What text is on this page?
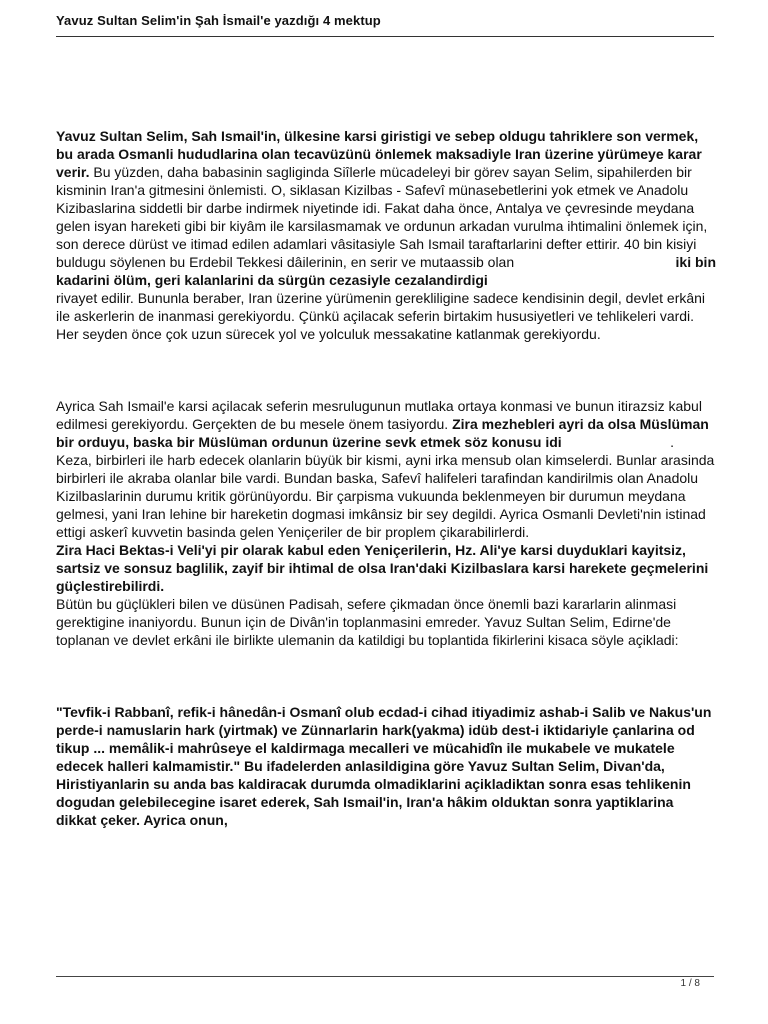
Yavuz Sultan Selim'in Şah İsmail'e yazdığı 4 mektup

Yavuz Sultan Selim, Sah Ismail'in, ülkesine karsi giristigi ve sebep oldugu tahriklere son vermek, bu arada Osmanli hududlarina olan tecavüzünü önlemek maksadiyle Iran üzerine yürümeye karar verir. Bu yüzden, daha babasinin sagliginda Siîlerle mücadeleyi bir görev sayan Selim, sipahilerden bir kisminin Iran'a gitmesini önlemisti. O, siklasan Kizilbas - Safevî münasebetlerini yok etmek ve Anadolu Kizibaslarina siddetli bir darbe indirmek niyetinde idi. Fakat daha önce, Antalya ve çevresinde meydana gelen isyan hareketi gibi bir kiyâm ile karsilasmamak ve ordunun arkadan vurulma ihtimalini önlemek için, son derece dürüst ve itimad edilen adamlari vâsitasiyle Sah Ismail taraftarlarini defter ettirir. 40 bin kisiyi buldugu söylenen bu Erdebil Tekkesi dâilerinin, en serir ve mutaassib olan	iki bin

kadarini ölüm, geri kalanlarini da sürgün cezasiyle cezalandirdigi
rivayet edilir. Bununla beraber, Iran üzerine yürümenin gerekliligine sadece kendisinin degil, devlet erkâni ile askerlerin de inanmasi gerekiyordu. Çünkü açilacak seferin birtakim hususiyetleri ve tehlikeleri vardi. Her seyden önce çok uzun sürecek yol ve yolculuk messakatine katlanmak gerekiyordu.

Ayrica Sah Ismail'e karsi açilacak seferin mesrulugunun mutlaka ortaya konmasi ve bunun itirazsiz kabul edilmesi gerekiyordu. Gerçekten de bu mesele önem tasiyordu. Zira mezhebleri ayri da olsa Müslüman bir orduyu, baska bir Müslüman ordunun üzerine sevk etmek söz konusu idi	.

Keza, birbirleri ile harb edecek olanlarin büyük bir kismi, ayni irka mensub olan kimselerdi. Bunlar arasinda birbirleri ile akraba olanlar bile vardi. Bundan baska, Safevî halifeleri tarafindan kandirilmis olan Anadolu Kizilbaslarinin durumu kritik görünüyordu. Bir çarpisma vukuunda beklenmeyen bir durumun meydana gelmesi, yani Iran lehine bir hareketin dogmasi imkânsiz bir sey degildi. Ayrica Osmanli Devleti'nin istinad ettigi askerî kuvvetin basinda gelen Yeniçeriler de bir proplem çikarabilirlerdi.
Zira Haci Bektas-i Veli'yi pir olarak kabul eden Yeniçerilerin, Hz. Ali'ye karsi duyduklari kayitsiz, sartsiz ve sonsuz baglilik, zayif bir ihtimal de olsa Iran'daki Kizilbaslara karsi harekete geçmelerini güçlestirebilirdi.
Bütün bu güçlükleri bilen ve düsünen Padisah, sefere çikmadan önce önemli bazi kararlarin alinmasi gerektigine inaniyordu. Bunun için de Divân'in toplanmasini emreder. Yavuz Sultan Selim, Edirne'de toplanan ve devlet erkâni ile birlikte ulemanin da katildigi bu toplantida fikirlerini kisaca söyle açikladi:

"Tevfik-i Rabbanî, refik-i hânedân-i Osmanî olub ecdad-i cihad itiyadimiz ashab-i Salib ve Nakus'un perde-i namuslarin hark (yirtmak) ve Zünnarlarin hark(yakma) idüb dest-i iktidariyle çanlarina od tikup ... memâlik-i mahrûseye el kaldirmaga mecalleri ve mücahidîn ile mukabele ve mukatele edecek halleri kalmamistir." Bu ifadelerden anlasildigina göre Yavuz Sultan Selim, Divan'da, Hiristiyanlarin su anda bas kaldiracak durumda olmadiklarini açikladiktan sonra esas tehlikenin dogudan gelebilecegine isaret ederek, Sah Ismail'in, Iran'a hâkim olduktan sonra yaptiklarina dikkat çeker. Ayrica onun,

1 / 8
